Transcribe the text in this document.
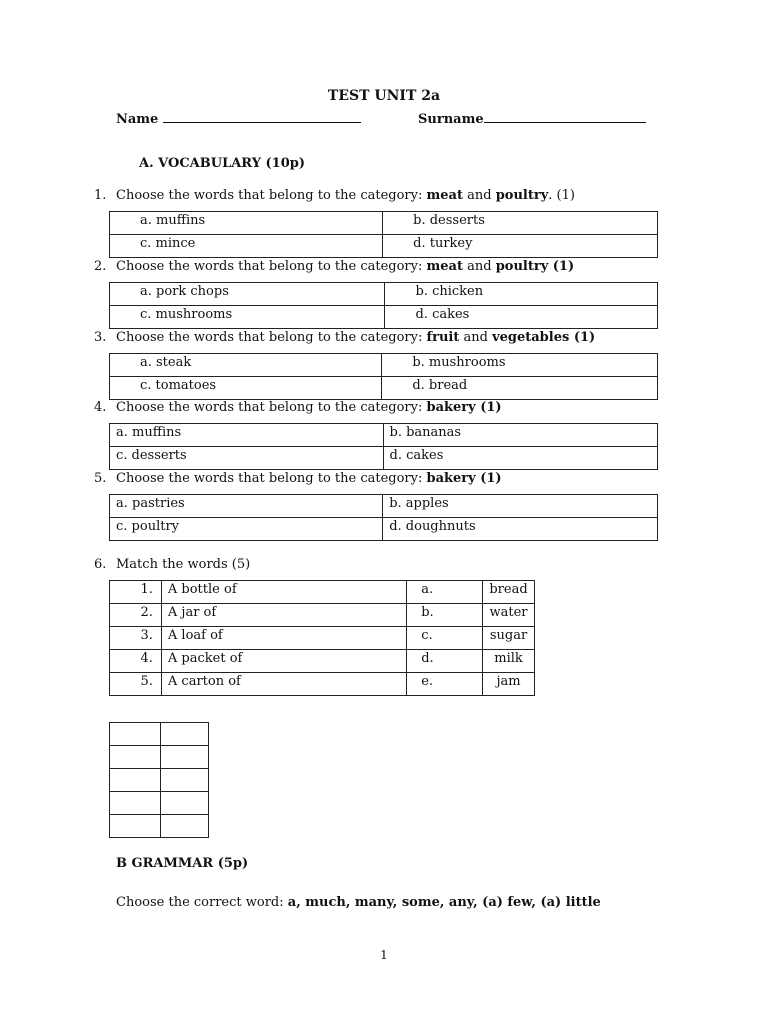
TEST UNIT 2a
Name	Surname
A. VOCABULARY (10p)
1. Choose the words that belong to the category: meat and poultry. (1)
a. muffins	b. desserts
c. mince	d. turkey
2. Choose the words that belong to the category: meat and poultry (1)
a. pork chops	b. chicken
c. mushrooms	d. cakes
3. Choose the words that belong to the category: fruit and vegetables (1)
a. steak	b. mushrooms
c. tomatoes	d. bread
4. Choose the words that belong to the category: bakery (1)
a. muffins	b. bananas
c. desserts	d. cakes
5. Choose the words that belong to the category: bakery (1)
a. pastries	b. apples
c. poultry	d. doughnuts
6. Match the words (5)
1.	A bottle of	a.	bread
2.	A jar of	b.	water
3.	A loaf of	c.	sugar
4.	A packet of	d.	milk
5.	A carton of	e.	jam

B GRAMMAR (5p)
Choose the correct word: a, much, many, some, any, (a) few, (a) little
1
